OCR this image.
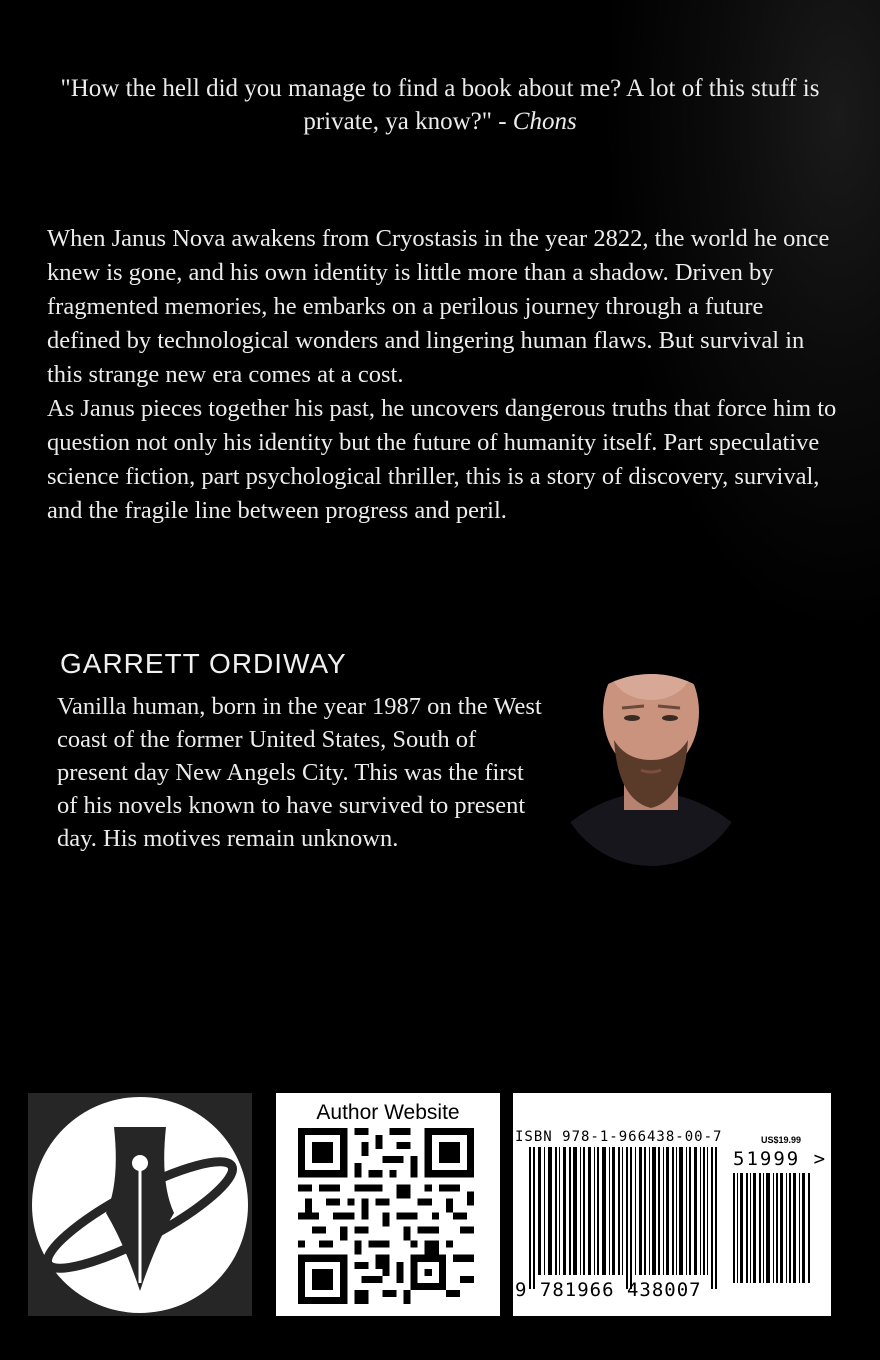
"How the hell did you manage to find a book about me? A lot of this stuff is private, ya know?" - Chons

When Janus Nova awakens from Cryostasis in the year 2822, the world he once knew is gone, and his own identity is little more than a shadow. Driven by fragmented memories, he embarks on a perilous journey through a future defined by technological wonders and lingering human flaws. But survival in this strange new era comes at a cost.

As Janus pieces together his past, he uncovers dangerous truths that force him to question not only his identity but the future of humanity itself. Part speculative science fiction, part psychological thriller, this is a story of discovery, survival, and the fragile line between progress and peril.

GARRETT ORDIWAY
Vanilla human, born in the year 1987 on the West coast of the former United States, South of present day New Angels City. This was the first of his novels known to have survived to present day. His motives remain unknown.
Author Website
ISBN 978-1-966438-00-7	US$19.99
51999 >
9 781966 438007
